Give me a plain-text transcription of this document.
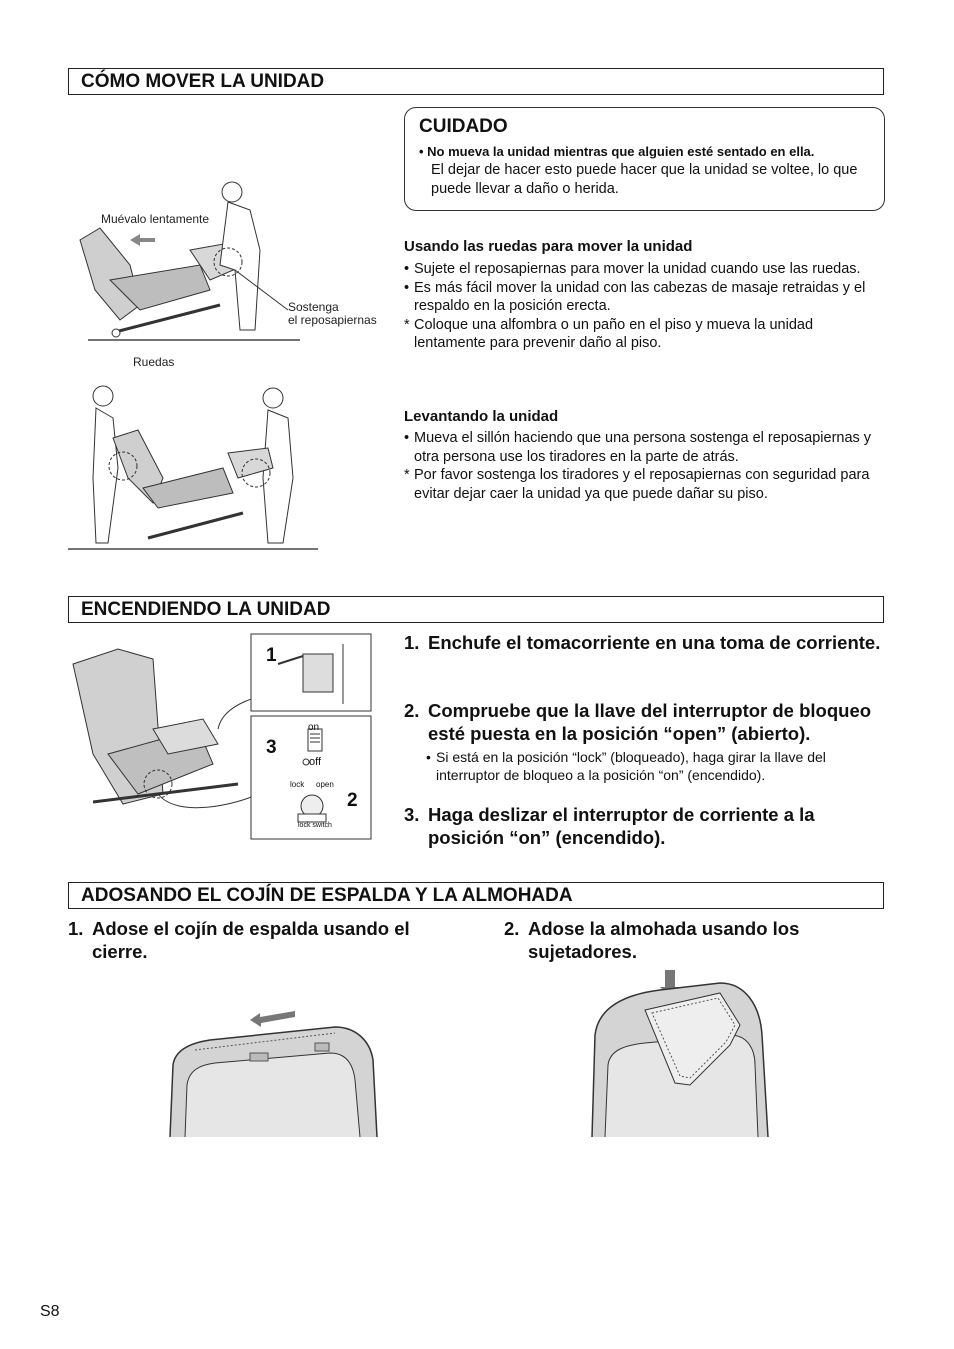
CÓMO MOVER LA UNIDAD
ENCENDIENDO LA UNIDAD
ADOSANDO EL COJÍN DE ESPALDA Y LA ALMOHADA
CUIDADO
• No mueva la unidad mientras que alguien esté sentado en ella.
El dejar de hacer esto puede hacer que la unidad se voltee, lo que puede llevar a daño o herida.
Usando las ruedas para mover la unidad
• Sujete el reposapiernas para mover la unidad cuando use las ruedas.
• Es más fácil mover la unidad con las cabezas de masaje retraidas y el respaldo en la posición erecta.
* Coloque una alfombra o un paño en el piso y mueva la unidad lentamente para prevenir daño al piso.
Levantando la unidad
• Mueva el sillón haciendo que una persona sostenga el reposapiernas y otra persona use los tiradores en la parte de atrás.
* Por favor sostenga los tiradores y el reposapiernas con seguridad para evitar dejar caer la unidad ya que puede dañar su piso.
Muévalo lentamente
Sostenga
el reposapiernas
Ruedas
1
3
2
on
off
lock open
lock switch
1. Enchufe el tomacorriente en una toma de corriente.
2. Compruebe que la llave del interruptor de bloqueo esté puesta en la posición “open” (abierto).
• Si está en la posición “lock” (bloqueado), haga girar la llave del interruptor de bloqueo a la posición “on” (encendido).
3. Haga deslizar el interruptor de corriente a la posición “on” (encendido).
1. Adose el cojín de espalda usando el cierre.
2. Adose la almohada usando los sujetadores.
S8
